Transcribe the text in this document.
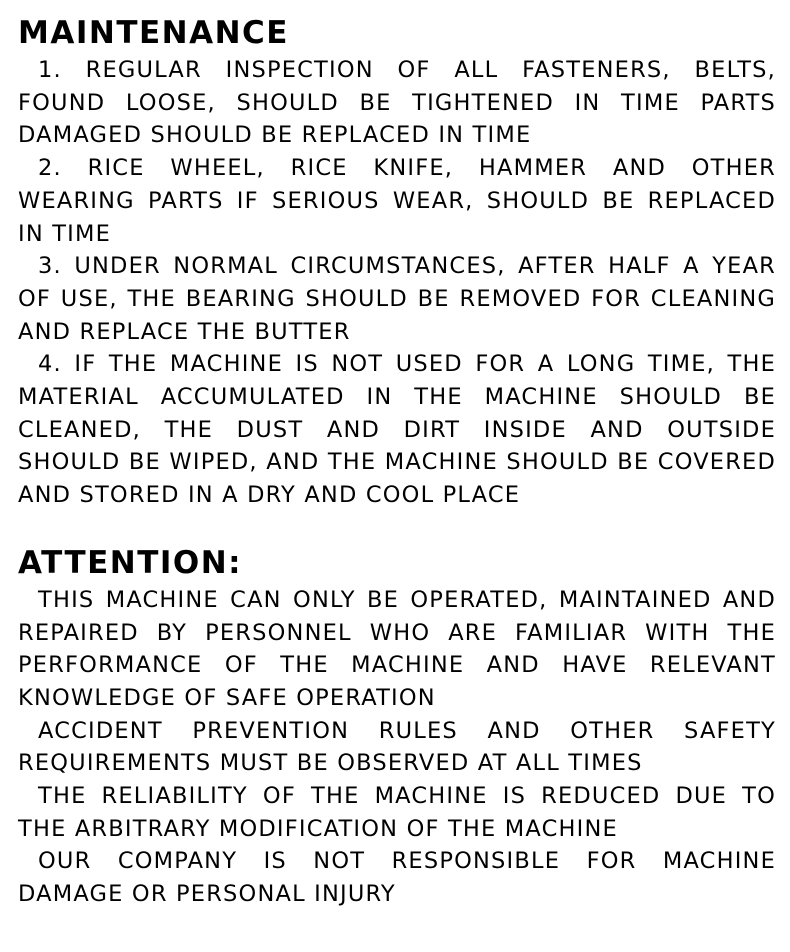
MAINTENANCE

1. REGULAR INSPECTION OF ALL FASTENERS, BELTS, FOUND LOOSE, SHOULD BE TIGHTENED IN TIME PARTS DAMAGED SHOULD BE REPLACED IN TIME

2. RICE WHEEL, RICE KNIFE, HAMMER AND OTHER WEARING PARTS IF SERIOUS WEAR, SHOULD BE REPLACED IN TIME

3. UNDER NORMAL CIRCUMSTANCES, AFTER HALF A YEAR OF USE, THE BEARING SHOULD BE REMOVED FOR CLEANING AND REPLACE THE BUTTER

4. IF THE MACHINE IS NOT USED FOR A LONG TIME, THE MATERIAL ACCUMULATED IN THE MACHINE SHOULD BE CLEANED, THE DUST AND DIRT INSIDE AND OUTSIDE SHOULD BE WIPED, AND THE MACHINE SHOULD BE COVERED AND STORED IN A DRY AND COOL PLACE

ATTENTION:

THIS MACHINE CAN ONLY BE OPERATED, MAINTAINED AND REPAIRED BY PERSONNEL WHO ARE FAMILIAR WITH THE PERFORMANCE OF THE MACHINE AND HAVE RELEVANT KNOWLEDGE OF SAFE OPERATION

ACCIDENT PREVENTION RULES AND OTHER SAFETY REQUIREMENTS MUST BE OBSERVED AT ALL TIMES

THE RELIABILITY OF THE MACHINE IS REDUCED DUE TO THE ARBITRARY MODIFICATION OF THE MACHINE

OUR COMPANY IS NOT RESPONSIBLE FOR MACHINE DAMAGE OR PERSONAL INJURY
